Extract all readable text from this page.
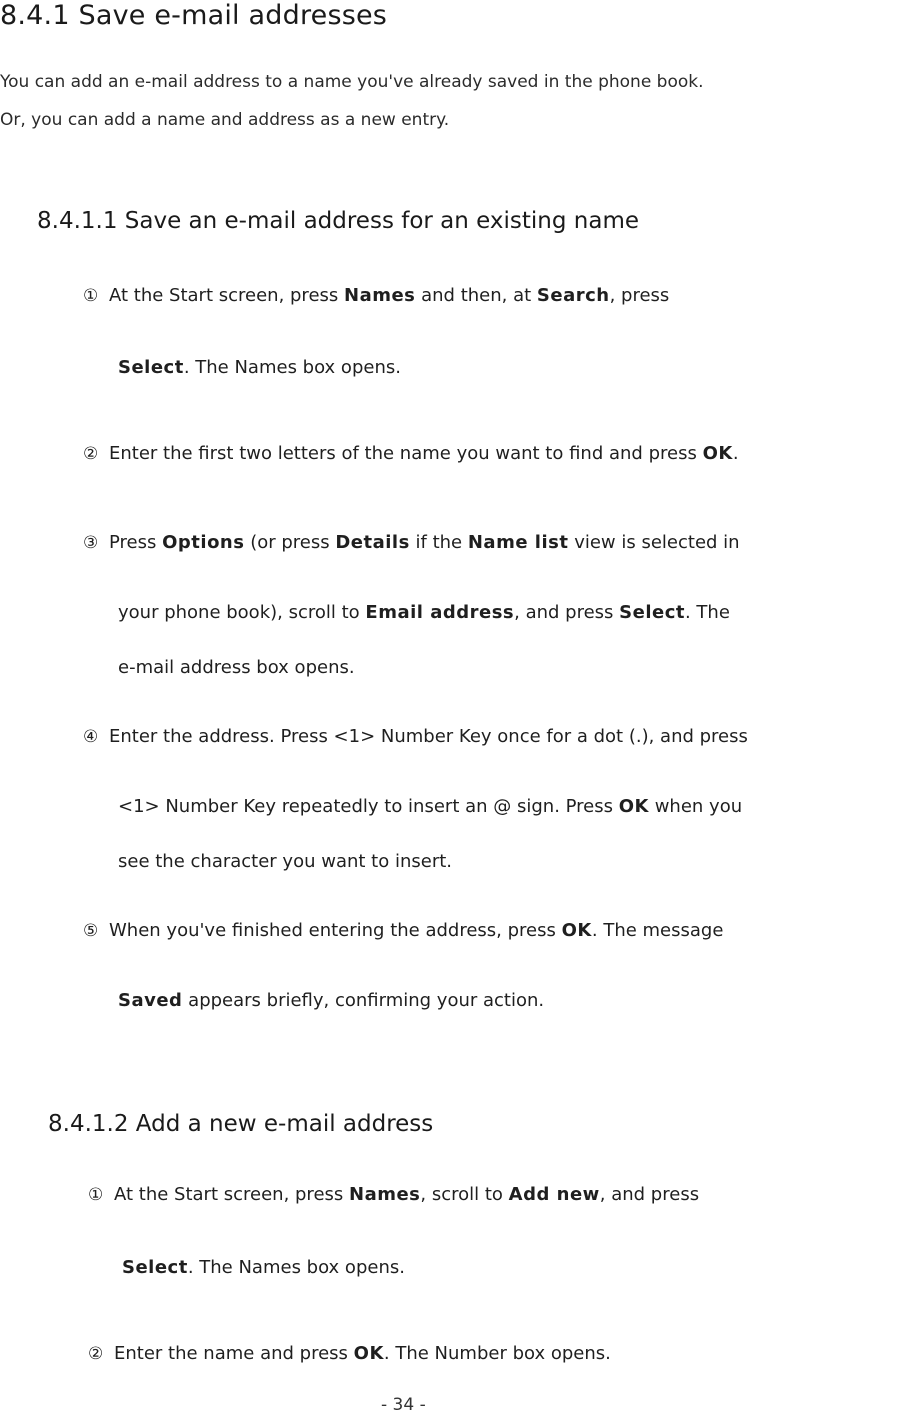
8.4.1 Save e-mail addresses
You can add an e-mail address to a name you've already saved in the phone book.
Or, you can add a name and address as a new entry.
8.4.1.1 Save an e-mail address for an existing name
① At the Start screen, press Names and then, at Search, press
Select. The Names box opens.
② Enter the first two letters of the name you want to find and press OK.
③ Press Options (or press Details if the Name list view is selected in
your phone book), scroll to Email address, and press Select. The
e-mail address box opens.
④ Enter the address. Press <1> Number Key once for a dot (.), and press
<1> Number Key repeatedly to insert an @ sign. Press OK when you
see the character you want to insert.
⑤ When you've finished entering the address, press OK. The message
Saved appears briefly, confirming your action.
8.4.1.2 Add a new e-mail address
① At the Start screen, press Names, scroll to Add new, and press
Select. The Names box opens.
② Enter the name and press OK. The Number box opens.
- 34 -
